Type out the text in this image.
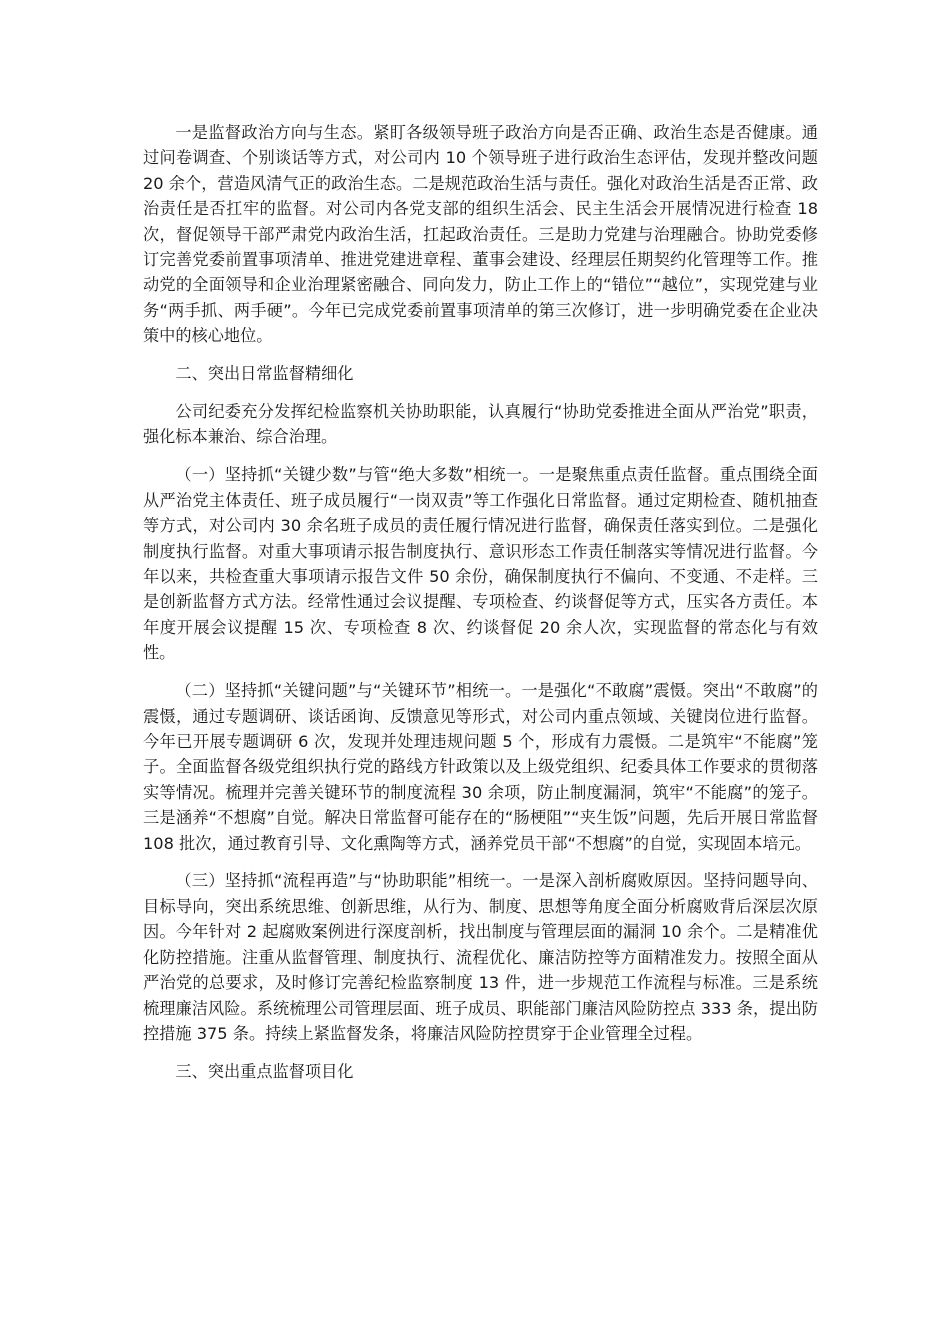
一是监督政治方向与生态。紧盯各级领导班子政治方向是否正确、政治生态是否健康。通过问卷调查、个别谈话等方式，对公司内 10 个领导班子进行政治生态评估，发现并整改问题 20 余个，营造风清气正的政治生态。二是规范政治生活与责任。强化对政治生活是否正常、政治责任是否扛牢的监督。对公司内各党支部的组织生活会、民主生活会开展情况进行检查 18 次，督促领导干部严肃党内政治生活，扛起政治责任。三是助力党建与治理融合。协助党委修订完善党委前置事项清单、推进党建进章程、董事会建设、经理层任期契约化管理等工作。推动党的全面领导和企业治理紧密融合、同向发力，防止工作上的“错位”“越位”，实现党建与业务“两手抓、两手硬”。今年已完成党委前置事项清单的第三次修订，进一步明确党委在企业决策中的核心地位。

二、突出日常监督精细化

公司纪委充分发挥纪检监察机关协助职能，认真履行“协助党委推进全面从严治党”职责，强化标本兼治、综合治理。

（一）坚持抓“关键少数”与管“绝大多数”相统一。一是聚焦重点责任监督。重点围绕全面从严治党主体责任、班子成员履行“一岗双责”等工作强化日常监督。通过定期检查、随机抽查等方式，对公司内 30 余名班子成员的责任履行情况进行监督，确保责任落实到位。二是强化制度执行监督。对重大事项请示报告制度执行、意识形态工作责任制落实等情况进行监督。今年以来，共检查重大事项请示报告文件 50 余份，确保制度执行不偏向、不变通、不走样。三是创新监督方式方法。经常性通过会议提醒、专项检查、约谈督促等方式，压实各方责任。本年度开展会议提醒 15 次、专项检查 8 次、约谈督促 20 余人次，实现监督的常态化与有效性。

（二）坚持抓“关键问题”与“关键环节”相统一。一是强化“不敢腐”震慑。突出“不敢腐”的震慑，通过专题调研、谈话函询、反馈意见等形式，对公司内重点领域、关键岗位进行监督。今年已开展专题调研 6 次，发现并处理违规问题 5 个，形成有力震慑。二是筑牢“不能腐”笼子。全面监督各级党组织执行党的路线方针政策以及上级党组织、纪委具体工作要求的贯彻落实等情况。梳理并完善关键环节的制度流程 30 余项，防止制度漏洞，筑牢“不能腐”的笼子。三是涵养“不想腐”自觉。解决日常监督可能存在的“肠梗阻”“夹生饭”问题，先后开展日常监督 108 批次，通过教育引导、文化熏陶等方式，涵养党员干部“不想腐”的自觉，实现固本培元。

（三）坚持抓“流程再造”与“协助职能”相统一。一是深入剖析腐败原因。坚持问题导向、目标导向，突出系统思维、创新思维，从行为、制度、思想等角度全面分析腐败背后深层次原因。今年针对 2 起腐败案例进行深度剖析，找出制度与管理层面的漏洞 10 余个。二是精准优化防控措施。注重从监督管理、制度执行、流程优化、廉洁防控等方面精准发力。按照全面从严治党的总要求，及时修订完善纪检监察制度 13 件，进一步规范工作流程与标准。三是系统梳理廉洁风险。系统梳理公司管理层面、班子成员、职能部门廉洁风险防控点 333 条，提出防控措施 375 条。持续上紧监督发条，将廉洁风险防控贯穿于企业管理全过程。

三、突出重点监督项目化
